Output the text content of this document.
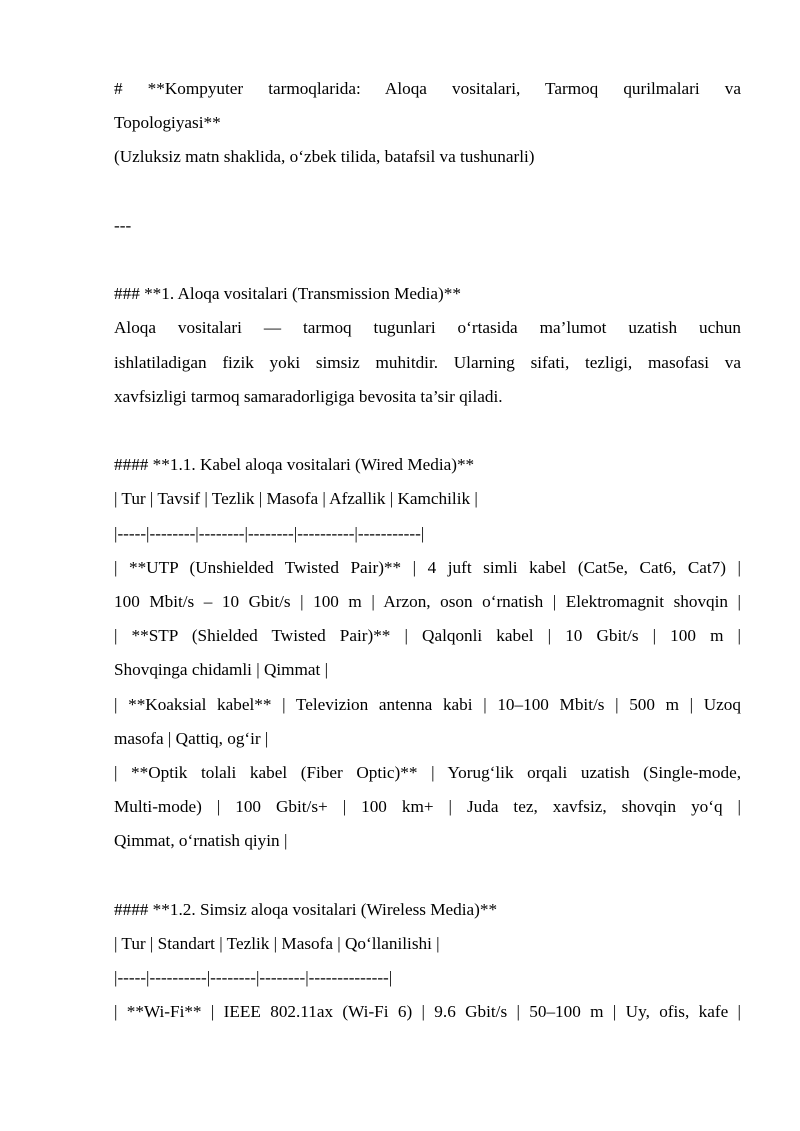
# **Kompyuter tarmoqlarida: Aloqa vositalari, Tarmoq qurilmalari va
Topologiyasi**
(Uzluksiz matn shaklida, o‘zbek tilida, batafsil va tushunarli)
---
### **1. Aloqa vositalari (Transmission Media)**
Aloqa vositalari — tarmoq tugunlari o‘rtasida ma’lumot uzatish uchun
ishlatiladigan fizik yoki simsiz muhitdir. Ularning sifati, tezligi, masofasi va
xavfsizligi tarmoq samaradorligiga bevosita ta’sir qiladi.
#### **1.1. Kabel aloqa vositalari (Wired Media)**
| Tur | Tavsif | Tezlik | Masofa | Afzallik | Kamchilik |
|-----|--------|--------|--------|----------|-----------|
| **UTP (Unshielded Twisted Pair)** | 4 juft simli kabel (Cat5e, Cat6, Cat7) |
100 Mbit/s – 10 Gbit/s | 100 m | Arzon, oson o‘rnatish | Elektromagnit shovqin |
| **STP (Shielded Twisted Pair)** | Qalqonli kabel | 10 Gbit/s | 100 m |
Shovqinga chidamli | Qimmat |
| **Koaksial kabel** | Televizion antenna kabi | 10–100 Mbit/s | 500 m | Uzoq
masofa | Qattiq, og‘ir |
| **Optik tolali kabel (Fiber Optic)** | Yorug‘lik orqali uzatish (Single-mode,
Multi-mode) | 100 Gbit/s+ | 100 km+ | Juda tez, xavfsiz, shovqin yo‘q |
Qimmat, o‘rnatish qiyin |
#### **1.2. Simsiz aloqa vositalari (Wireless Media)**
| Tur | Standart | Tezlik | Masofa | Qo‘llanilishi |
|-----|----------|--------|--------|--------------|
| **Wi-Fi** | IEEE 802.11ax (Wi-Fi 6) | 9.6 Gbit/s | 50–100 m | Uy, ofis, kafe |
